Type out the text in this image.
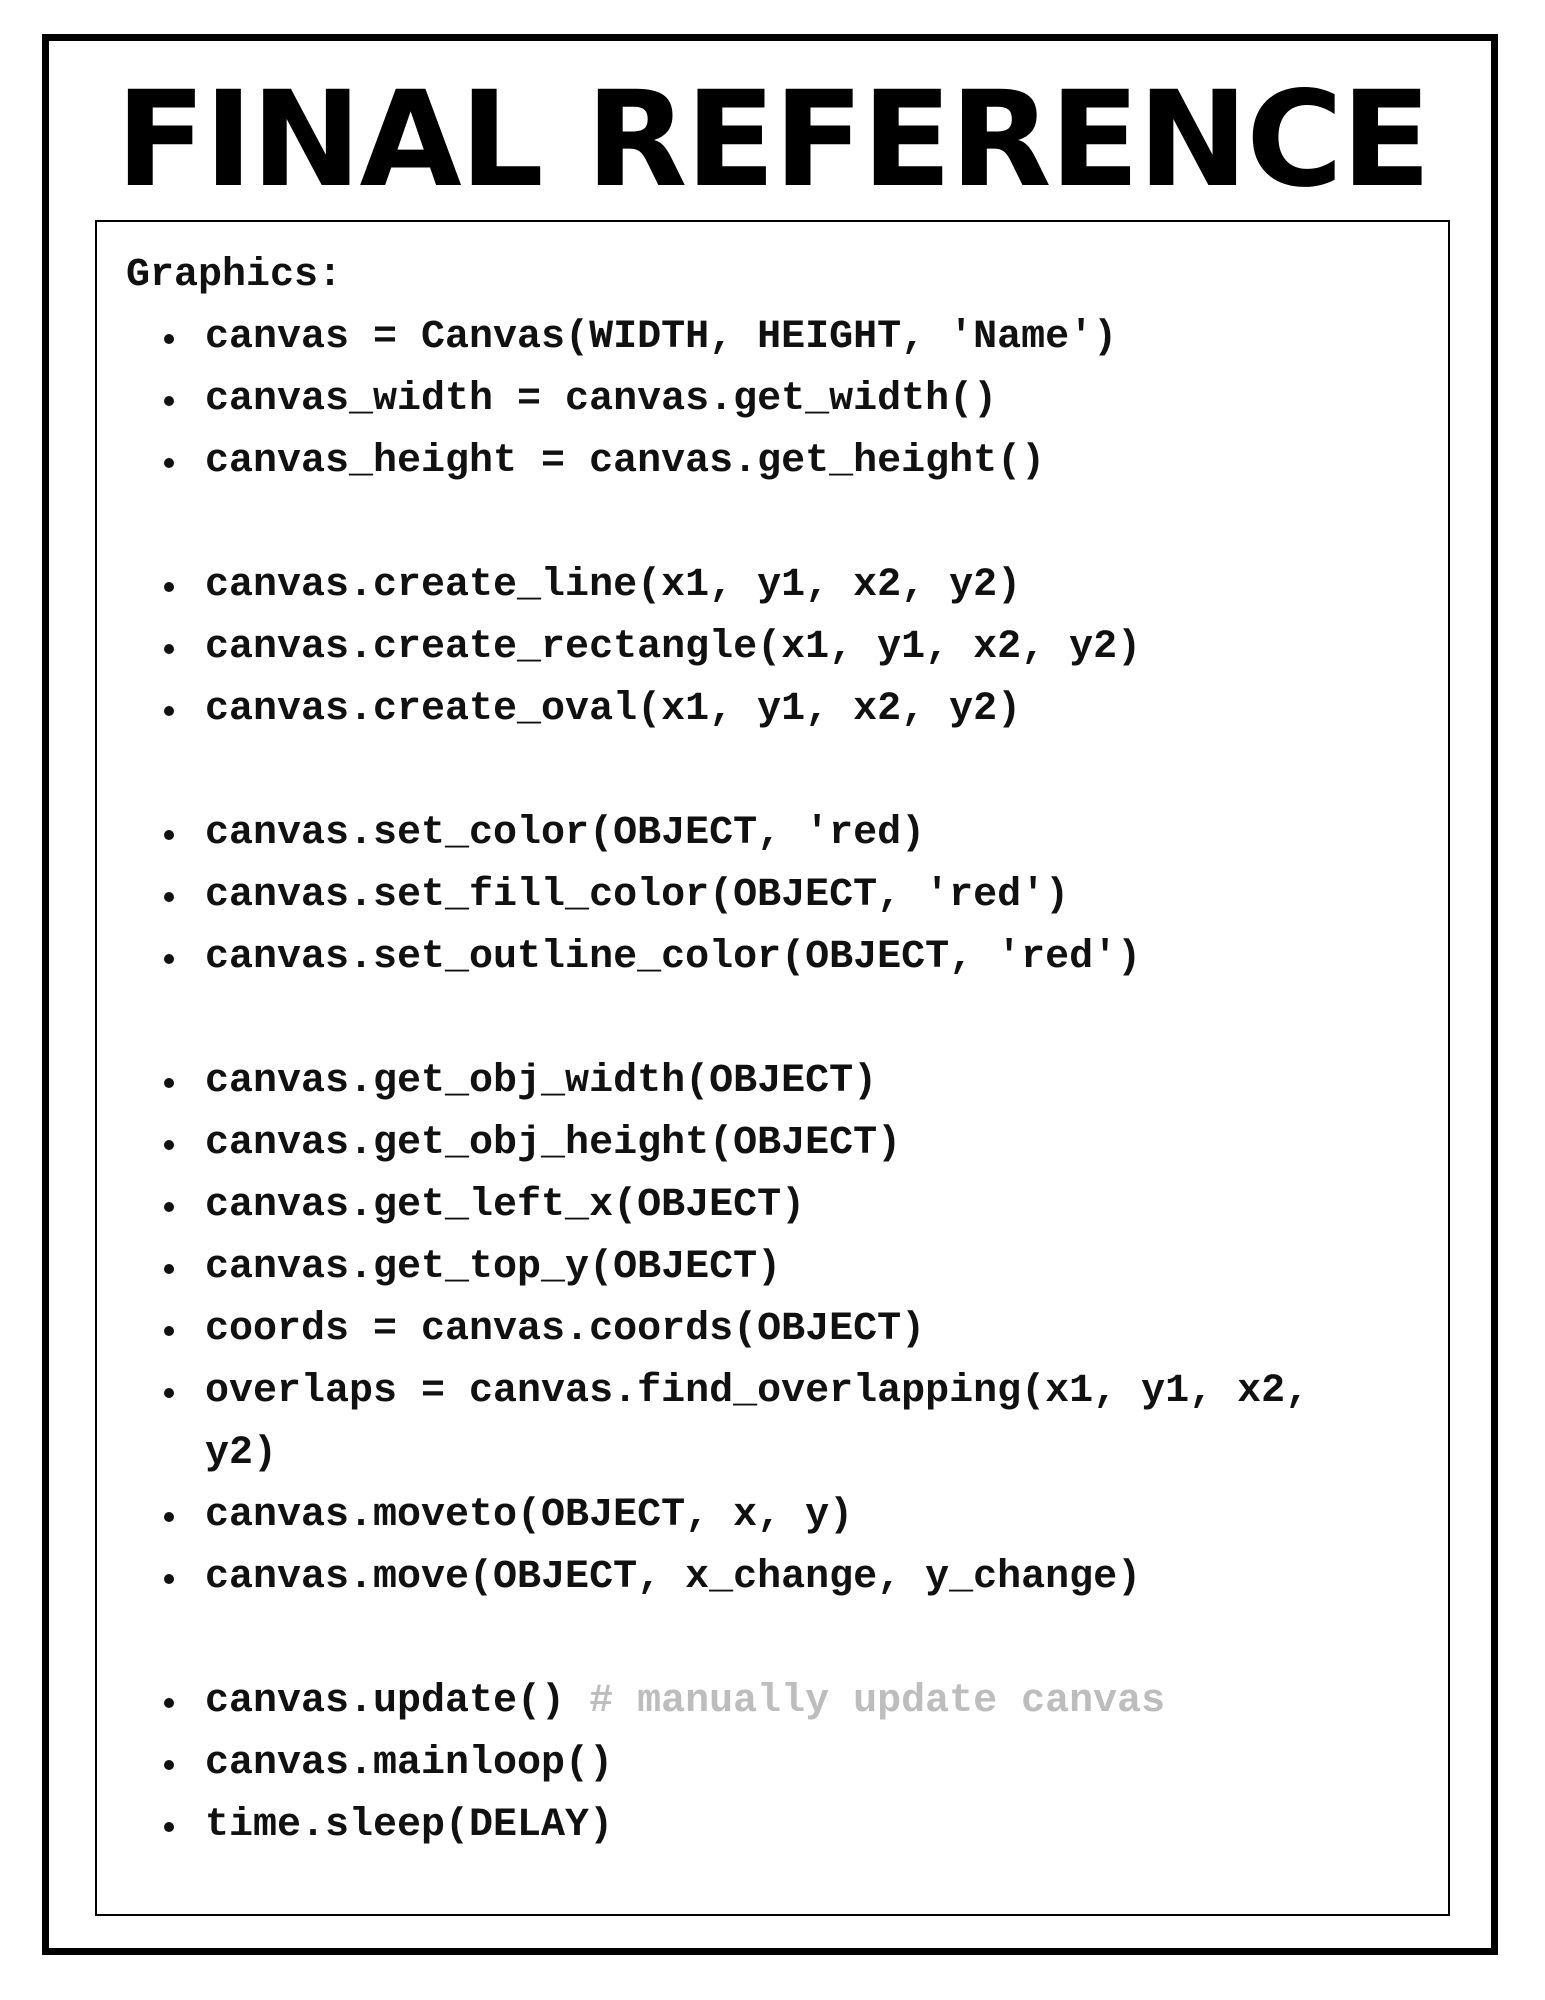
FINAL REFERENCE
Graphics:
canvas = Canvas(WIDTH, HEIGHT, 'Name')
canvas_width = canvas.get_width()
canvas_height = canvas.get_height()
canvas.create_line(x1, y1, x2, y2)
canvas.create_rectangle(x1, y1, x2, y2)
canvas.create_oval(x1, y1, x2, y2)
canvas.set_color(OBJECT, 'red)
canvas.set_fill_color(OBJECT, 'red')
canvas.set_outline_color(OBJECT, 'red')
canvas.get_obj_width(OBJECT)
canvas.get_obj_height(OBJECT)
canvas.get_left_x(OBJECT)
canvas.get_top_y(OBJECT)
coords = canvas.coords(OBJECT)
overlaps = canvas.find_overlapping(x1, y1, x2, y2)
canvas.moveto(OBJECT, x, y)
canvas.move(OBJECT, x_change, y_change)
canvas.update() # manually update canvas
canvas.mainloop()
time.sleep(DELAY)
